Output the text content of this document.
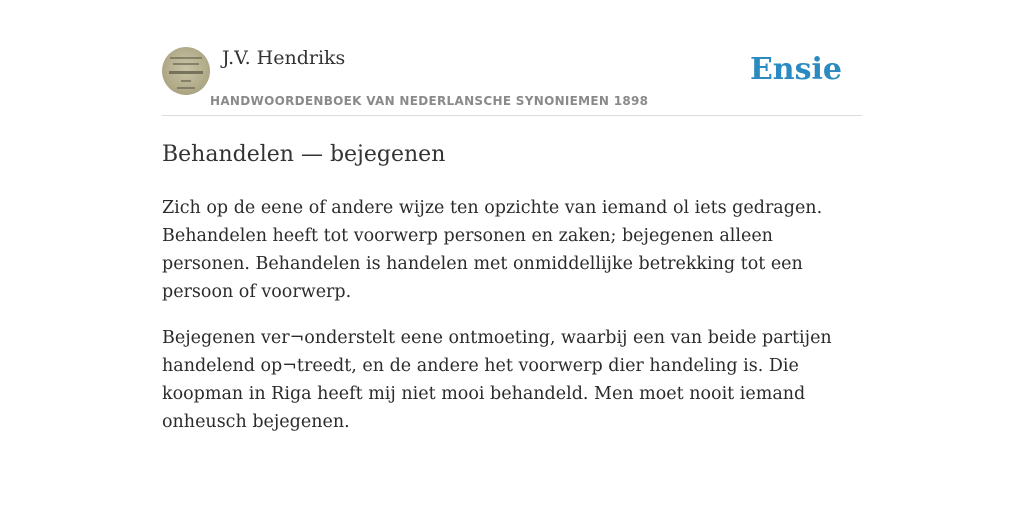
J.V. Hendriks
HANDWOORDENBOEK VAN NEDERLANSCHE SYNONIEMEN 1898
Ensie
Behandelen — bejegenen

Zich op de eene of andere wijze ten opzichte van iemand ol iets gedragen. Behandelen heeft tot voorwerp personen en zaken; bejegenen alleen personen. Behandelen is handelen met onmiddellijke betrekking tot een persoon of voorwerp.

Bejegenen ver¬onderstelt eene ontmoeting, waarbij een van beide partijen handelend op¬treedt, en de andere het voorwerp dier handeling is. Die koopman in Riga heeft mij niet mooi behandeld. Men moet nooit iemand onheusch bejegenen.
